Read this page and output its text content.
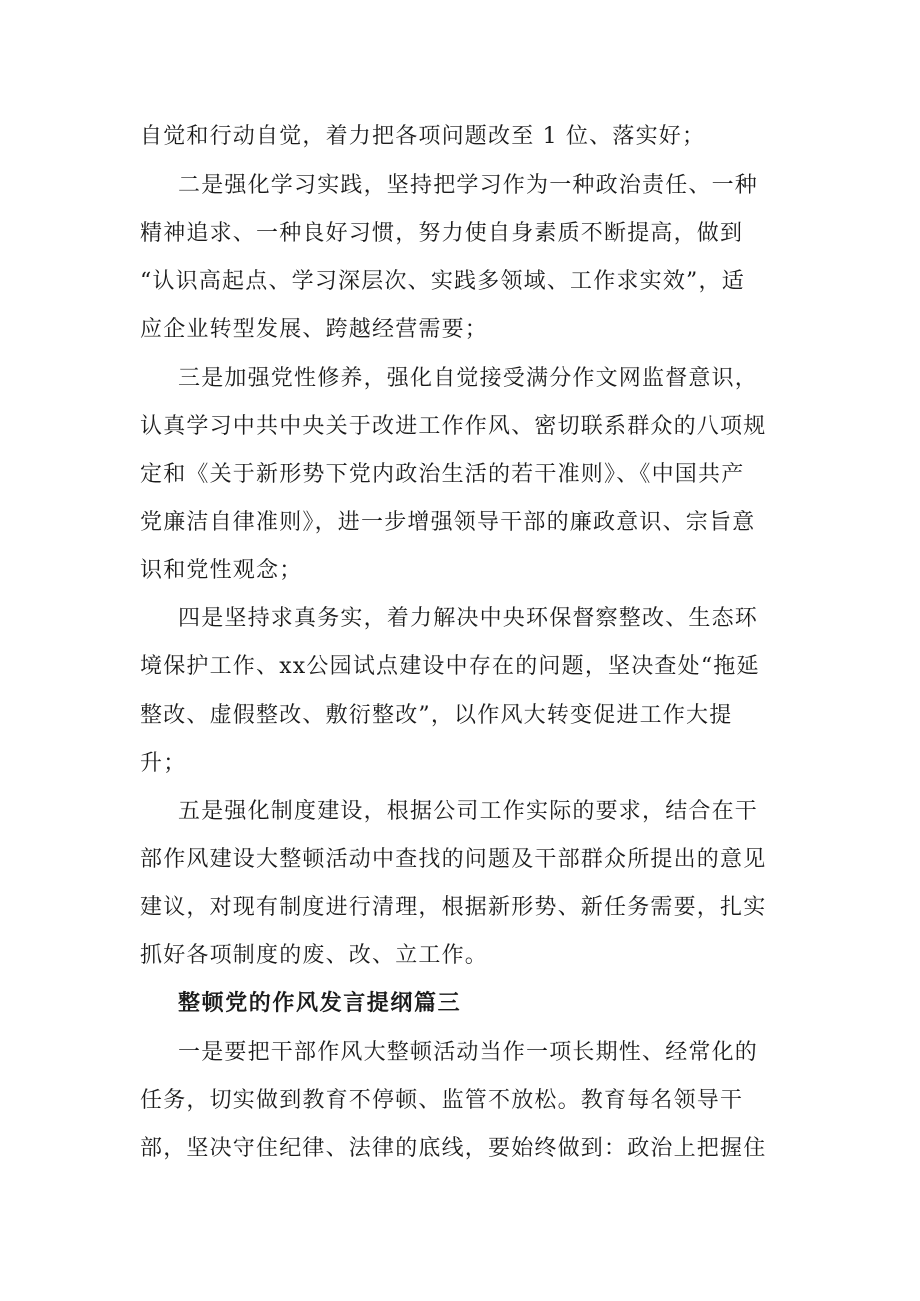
自觉和行动自觉，着力把各项问题改至 1 位、落实好；
二是强化学习实践，坚持把学习作为一种政治责任、一种
精神追求、一种良好习惯，努力使自身素质不断提高，做到
“认识高起点、学习深层次、实践多领域、工作求实效”，适
应企业转型发展、跨越经营需要；
三是加强党性修养，强化自觉接受满分作文网监督意识，
认真学习中共中央关于改进工作作风、密切联系群众的八项规
定和《关于新形势下党内政治生活的若干准则》、《中国共产
党廉洁自律准则》，进一步增强领导干部的廉政意识、宗旨意
识和党性观念；
四是坚持求真务实，着力解决中央环保督察整改、生态环
境保护工作、xx公园试点建设中存在的问题，坚决查处“拖延
整改、虚假整改、敷衍整改”，以作风大转变促进工作大提
升；
五是强化制度建设，根据公司工作实际的要求，结合在干
部作风建设大整顿活动中查找的问题及干部群众所提出的意见
建议，对现有制度进行清理，根据新形势、新任务需要，扎实
抓好各项制度的废、改、立工作。
整顿党的作风发言提纲篇三
一是要把干部作风大整顿活动当作一项长期性、经常化的
任务，切实做到教育不停顿、监管不放松。教育每名领导干
部，坚决守住纪律、法律的底线，要始终做到：政治上把握住
